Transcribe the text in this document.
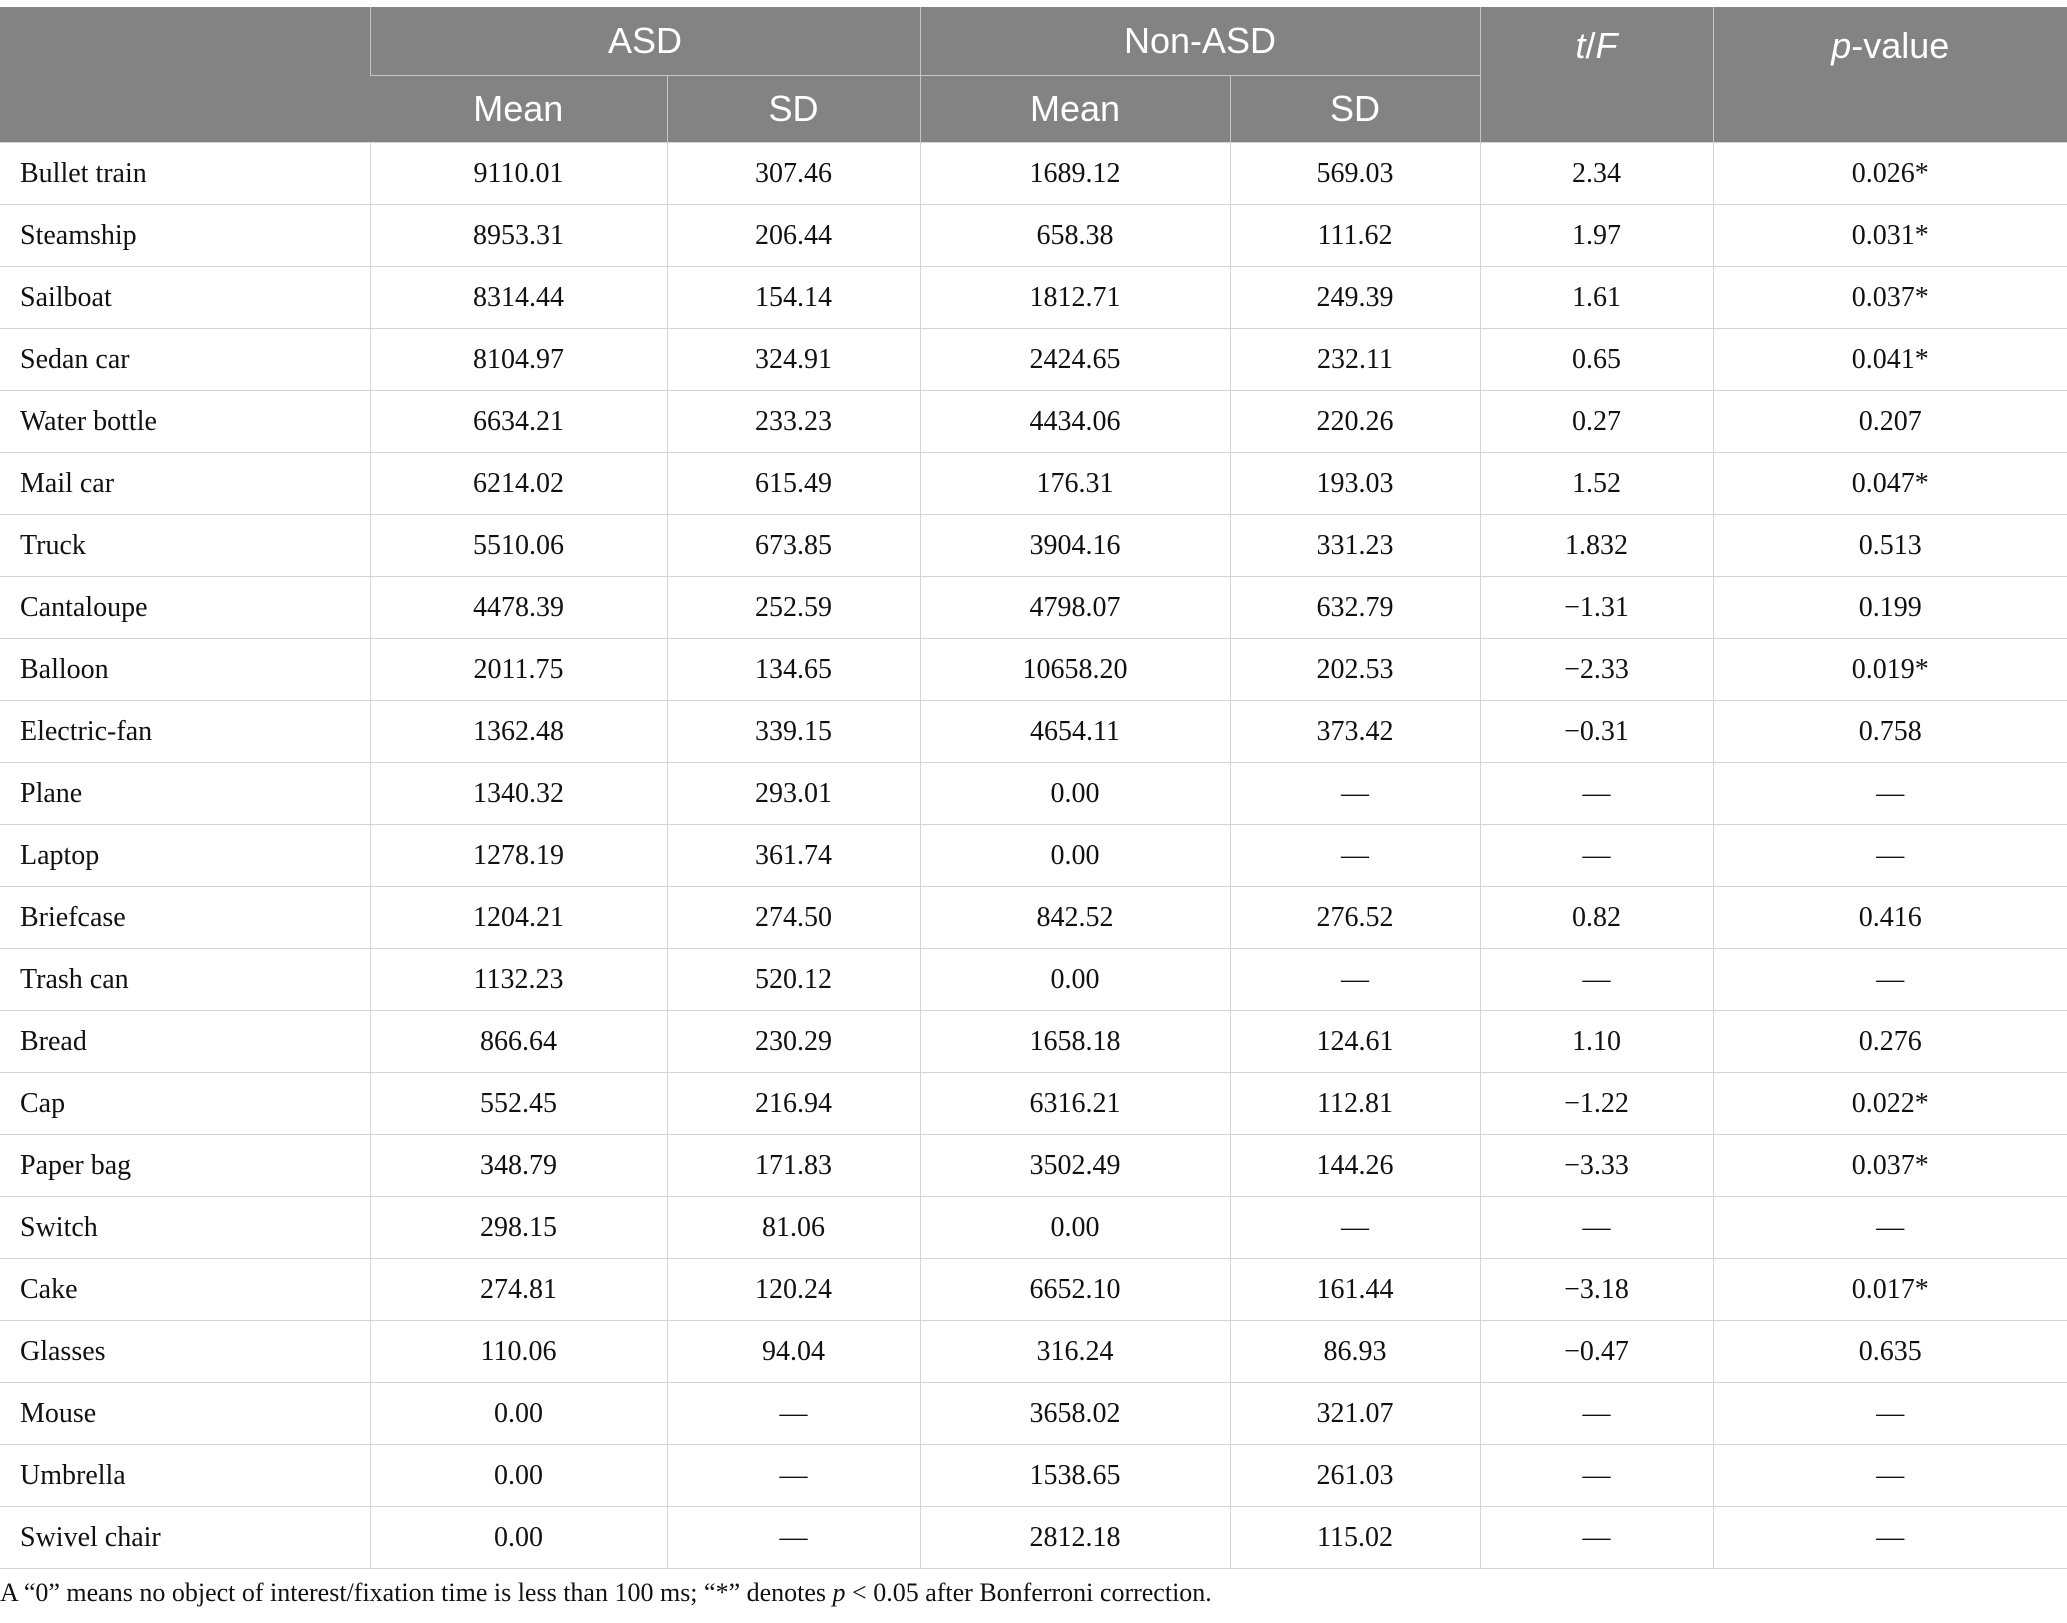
	ASD		Non-ASD		t/F	p-value
	Mean	SD	Mean	SD		
Bullet train	9110.01	307.46	1689.12	569.03	2.34	0.026*
Steamship	8953.31	206.44	658.38	111.62	1.97	0.031*
Sailboat	8314.44	154.14	1812.71	249.39	1.61	0.037*
Sedan car	8104.97	324.91	2424.65	232.11	0.65	0.041*
Water bottle	6634.21	233.23	4434.06	220.26	0.27	0.207
Mail car	6214.02	615.49	176.31	193.03	1.52	0.047*
Truck	5510.06	673.85	3904.16	331.23	1.832	0.513
Cantaloupe	4478.39	252.59	4798.07	632.79	−1.31	0.199
Balloon	2011.75	134.65	10658.20	202.53	−2.33	0.019*
Electric-fan	1362.48	339.15	4654.11	373.42	−0.31	0.758
Plane	1340.32	293.01	0.00	—	—	—
Laptop	1278.19	361.74	0.00	—	—	—
Briefcase	1204.21	274.50	842.52	276.52	0.82	0.416
Trash can	1132.23	520.12	0.00	—	—	—
Bread	866.64	230.29	1658.18	124.61	1.10	0.276
Cap	552.45	216.94	6316.21	112.81	−1.22	0.022*
Paper bag	348.79	171.83	3502.49	144.26	−3.33	0.037*
Switch	298.15	81.06	0.00	—	—	—
Cake	274.81	120.24	6652.10	161.44	−3.18	0.017*
Glasses	110.06	94.04	316.24	86.93	−0.47	0.635
Mouse	0.00	—	3658.02	321.07	—	—
Umbrella	0.00	—	1538.65	261.03	—	—
Swivel chair	0.00	—	2812.18	115.02	—	—
A “0” means no object of interest/fixation time is less than 100 ms; “*” denotes p < 0.05 after Bonferroni correction.
